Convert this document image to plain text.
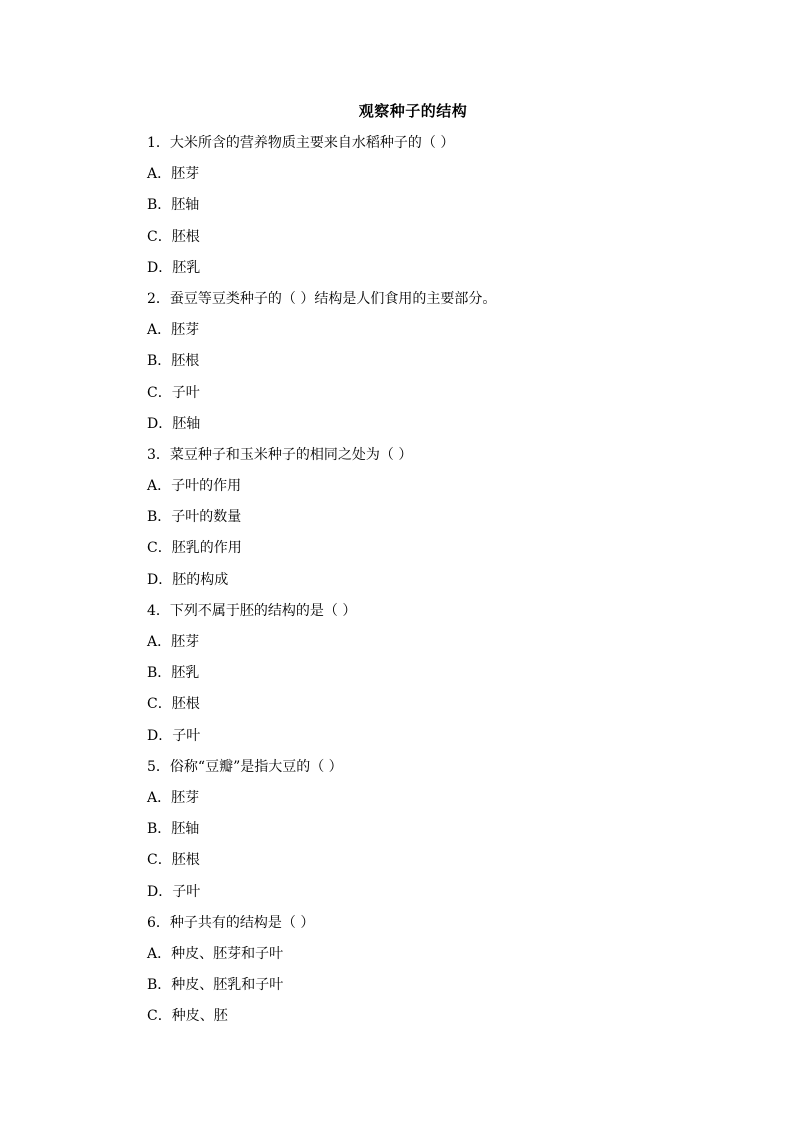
观察种子的结构
1．大米所含的营养物质主要来自水稻种子的（ ）
A．胚芽
B．胚轴
C．胚根
D．胚乳
2．蚕豆等豆类种子的（ ）结构是人们食用的主要部分。
A．胚芽
B．胚根
C．子叶
D．胚轴
3．菜豆种子和玉米种子的相同之处为（ ）
A．子叶的作用
B．子叶的数量
C．胚乳的作用
D．胚的构成
4．下列不属于胚的结构的是（ ）
A．胚芽
B．胚乳
C．胚根
D．子叶
5．俗称“豆瓣”是指大豆的（ ）
A．胚芽
B．胚轴
C．胚根
D．子叶
6．种子共有的结构是（ ）
A．种皮、胚芽和子叶
B．种皮、胚乳和子叶
C．种皮、胚
